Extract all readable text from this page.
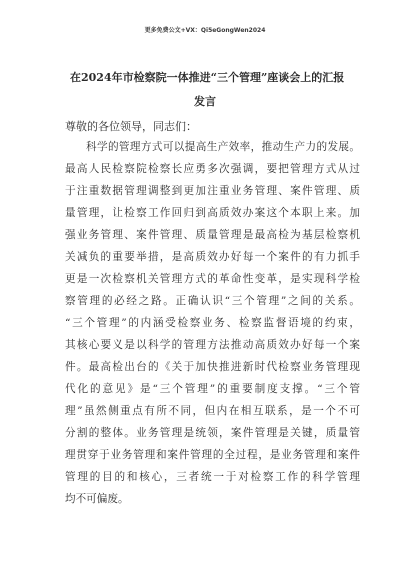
更多免费公文+VX：Qi5eGongWen2024
在2024年市检察院一体推进“三个管理”座谈会上的汇报
发言
尊敬的各位领导，同志们：
科学的管理方式可以提高生产效率，推动生产力的发展。
最高人民检察院检察长应勇多次强调，要把管理方式从过
于注重数据管理调整到更加注重业务管理、案件管理、质
量管理，让检察工作回归到高质效办案这个本职上来。加
强业务管理、案件管理、质量管理是最高检为基层检察机
关减负的重要举措，是高质效办好每一个案件的有力抓手
更是一次检察机关管理方式的革命性变革，是实现科学检
察管理的必经之路。正确认识“三个管理”之间的关系。
“三个管理”的内涵受检察业务、检察监督语境的约束，
其核心要义是以科学的管理方法推动高质效办好每一个案
件。最高检出台的《关于加快推进新时代检察业务管理现
代化的意见》是“三个管理”的重要制度支撑。“三个管
理”虽然侧重点有所不同，但内在相互联系，是一个不可
分割的整体。业务管理是统领，案件管理是关键，质量管
理贯穿于业务管理和案件管理的全过程，是业务管理和案件
管理的目的和核心，三者统一于对检察工作的科学管理
均不可偏废。
